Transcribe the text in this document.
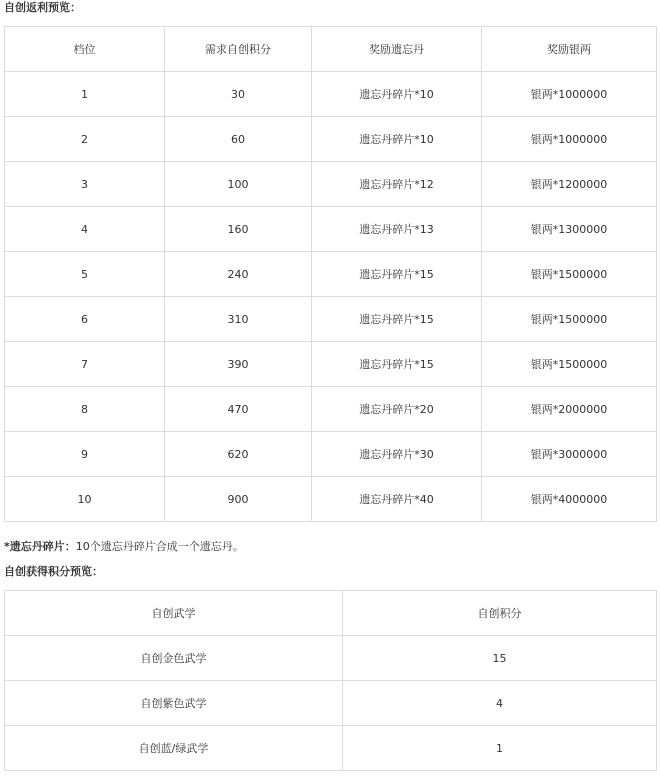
自创返利预览：
档位	需求自创积分	奖励遗忘丹	奖励银两
1	30	遗忘丹碎片*10	银两*1000000
2	60	遗忘丹碎片*10	银两*1000000
3	100	遗忘丹碎片*12	银两*1200000
4	160	遗忘丹碎片*13	银两*1300000
5	240	遗忘丹碎片*15	银两*1500000
6	310	遗忘丹碎片*15	银两*1500000
7	390	遗忘丹碎片*15	银两*1500000
8	470	遗忘丹碎片*20	银两*2000000
9	620	遗忘丹碎片*30	银两*3000000
10	900	遗忘丹碎片*40	银两*4000000
*遗忘丹碎片：10个遗忘丹碎片合成一个遗忘丹。
自创获得积分预览：
自创武学	自创积分
自创金色武学	15
自创紫色武学	4
自创蓝/绿武学	1
